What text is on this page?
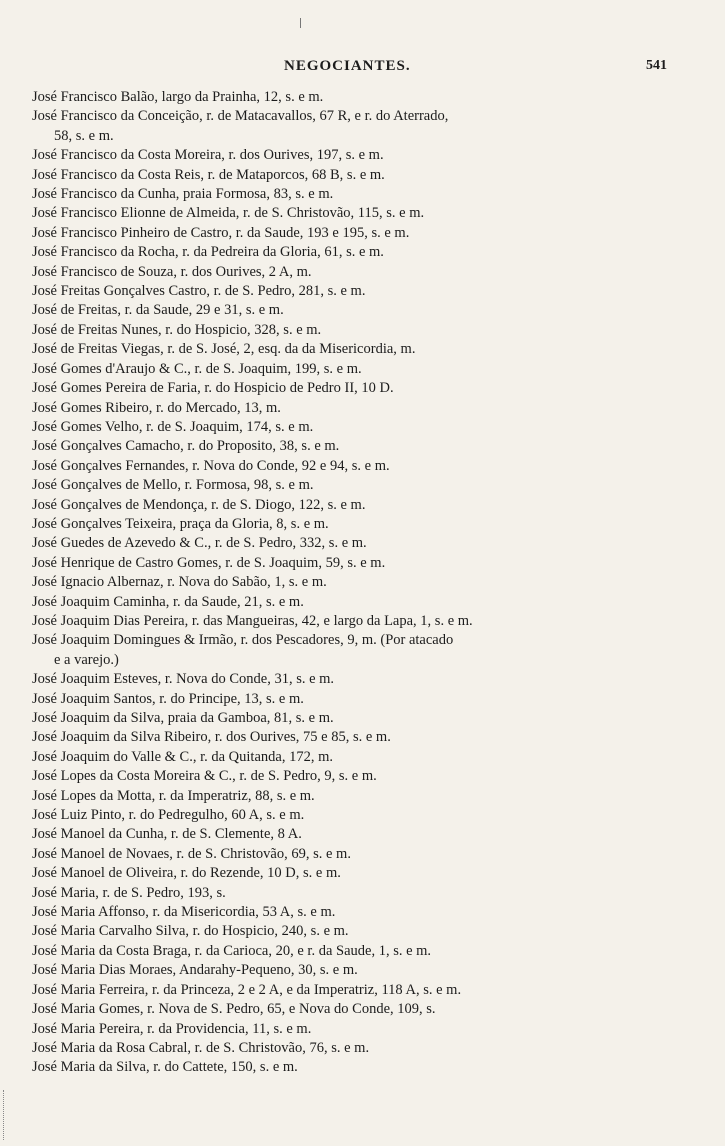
NEGOCIANTES.	541
José Francisco Balão, largo da Prainha, 12, s. e m.
José Francisco da Conceição, r. de Matacavallos, 67 R, e r. do Aterrado,
58, s. e m.
José Francisco da Costa Moreira, r. dos Ourives, 197, s. e m.
José Francisco da Costa Reis, r. de Mataporcos, 68 B, s. e m.
José Francisco da Cunha, praia Formosa, 83, s. e m.
José Francisco Elionne de Almeida, r. de S. Christovão, 115, s. e m.
José Francisco Pinheiro de Castro, r. da Saude, 193 e 195, s. e m.
José Francisco da Rocha, r. da Pedreira da Gloria, 61, s. e m.
José Francisco de Souza, r. dos Ourives, 2 A, m.
José Freitas Gonçalves Castro, r. de S. Pedro, 281, s. e m.
José de Freitas, r. da Saude, 29 e 31, s. e m.
José de Freitas Nunes, r. do Hospicio, 328, s. e m.
José de Freitas Viegas, r. de S. José, 2, esq. da da Misericordia, m.
José Gomes d'Araujo & C., r. de S. Joaquim, 199, s. e m.
José Gomes Pereira de Faria, r. do Hospicio de Pedro II, 10 D.
José Gomes Ribeiro, r. do Mercado, 13, m.
José Gomes Velho, r. de S. Joaquim, 174, s. e m.
José Gonçalves Camacho, r. do Proposito, 38, s. e m.
José Gonçalves Fernandes, r. Nova do Conde, 92 e 94, s. e m.
José Gonçalves de Mello, r. Formosa, 98, s. e m.
José Gonçalves de Mendonça, r. de S. Diogo, 122, s. e m.
José Gonçalves Teixeira, praça da Gloria, 8, s. e m.
José Guedes de Azevedo & C., r. de S. Pedro, 332, s. e m.
José Henrique de Castro Gomes, r. de S. Joaquim, 59, s. e m.
José Ignacio Albernaz, r. Nova do Sabão, 1, s. e m.
José Joaquim Caminha, r. da Saude, 21, s. e m.
José Joaquim Dias Pereira, r. das Mangueiras, 42, e largo da Lapa, 1, s. e m.
José Joaquim Domingues & Irmão, r. dos Pescadores, 9, m. (Por atacado
e a varejo.)
José Joaquim Esteves, r. Nova do Conde, 31, s. e m.
José Joaquim Santos, r. do Principe, 13, s. e m.
José Joaquim da Silva, praia da Gamboa, 81, s. e m.
José Joaquim da Silva Ribeiro, r. dos Ourives, 75 e 85, s. e m.
José Joaquim do Valle & C., r. da Quitanda, 172, m.
José Lopes da Costa Moreira & C., r. de S. Pedro, 9, s. e m.
José Lopes da Motta, r. da Imperatriz, 88, s. e m.
José Luiz Pinto, r. do Pedregulho, 60 A, s. e m.
José Manoel da Cunha, r. de S. Clemente, 8 A.
José Manoel de Novaes, r. de S. Christovão, 69, s. e m.
José Manoel de Oliveira, r. do Rezende, 10 D, s. e m.
José Maria, r. de S. Pedro, 193, s.
José Maria Affonso, r. da Misericordia, 53 A, s. e m.
José Maria Carvalho Silva, r. do Hospicio, 240, s. e m.
José Maria da Costa Braga, r. da Carioca, 20, e r. da Saude, 1, s. e m.
José Maria Dias Moraes, Andarahy-Pequeno, 30, s. e m.
José Maria Ferreira, r. da Princeza, 2 e 2 A, e da Imperatriz, 118 A, s. e m.
José Maria Gomes, r. Nova de S. Pedro, 65, e Nova do Conde, 109, s.
José Maria Pereira, r. da Providencia, 11, s. e m.
José Maria da Rosa Cabral, r. de S. Christovão, 76, s. e m.
José Maria da Silva, r. do Cattete, 150, s. e m.
